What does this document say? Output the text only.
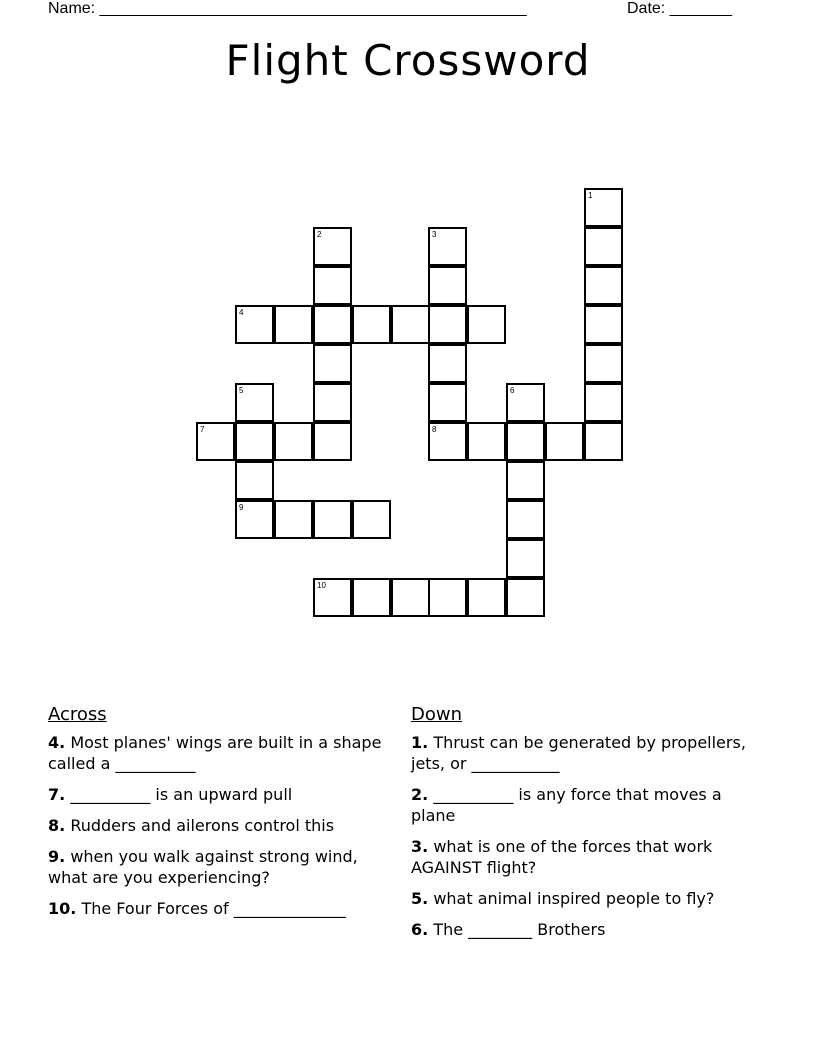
Name: ________________________________________________	Date: _______
Flight Crossword
1
2	3
8
4
5
9
6
7
10
Across
4. Most planes' wings are built in a shape called a __________
7. __________ is an upward pull
8. Rudders and ailerons control this
9. when you walk against strong wind, what are you experiencing?
10. The Four Forces of ______________
Down
1. Thrust can be generated by propellers, jets, or ___________
2. __________ is any force that moves a plane
3. what is one of the forces that work AGAINST flight?
5. what animal inspired people to fly?
6. The ________ Brothers
